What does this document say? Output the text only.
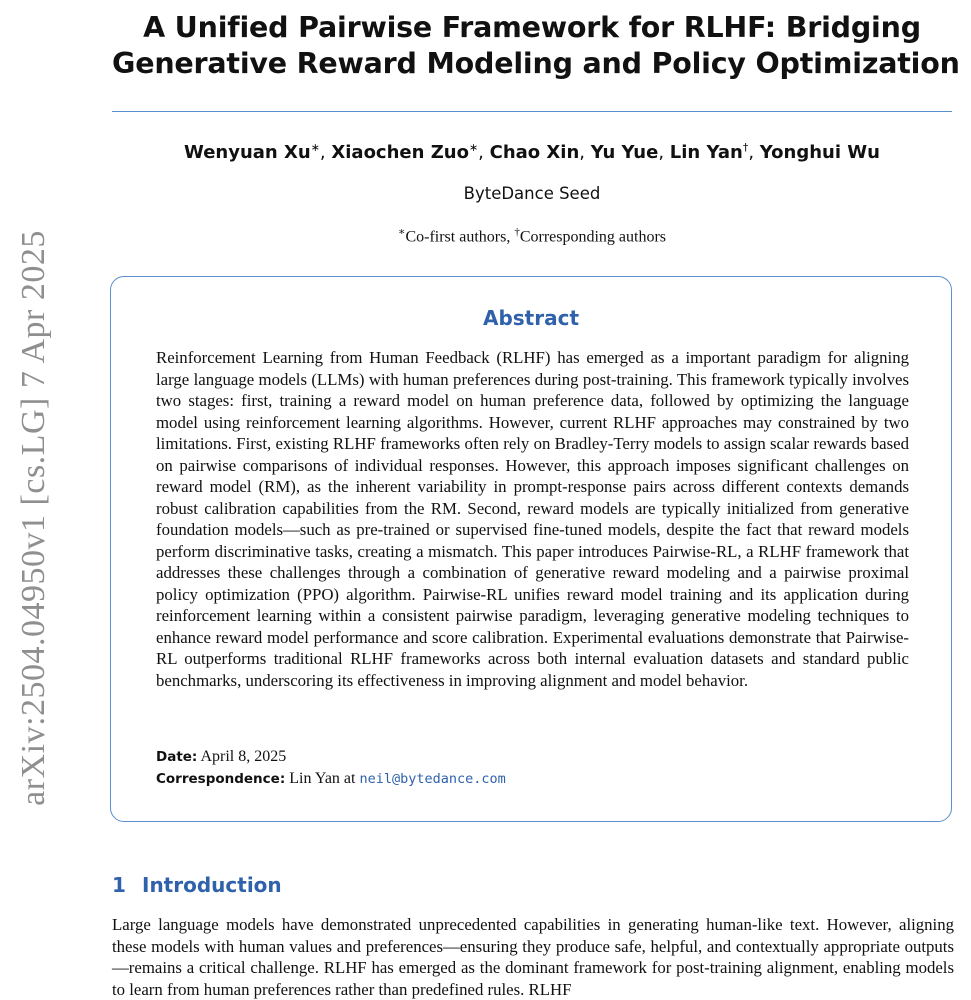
arXiv:2504.04950v1 [cs.LG] 7 Apr 2025
A Unified Pairwise Framework for RLHF: Bridging
Generative Reward Modeling and Policy Optimization
Wenyuan Xu∗, Xiaochen Zuo∗, Chao Xin, Yu Yue, Lin Yan†, Yonghui Wu
ByteDance Seed
∗Co-first authors, †Corresponding authors
Abstract

Reinforcement Learning from Human Feedback (RLHF) has emerged as a important paradigm for aligning large language models (LLMs) with human preferences during post-training. This framework typically involves two stages: first, training a reward model on human preference data, followed by optimizing the language model using reinforcement learning algorithms. However, current RLHF approaches may constrained by two limitations. First, existing RLHF frameworks often rely on Bradley-Terry models to assign scalar rewards based on pairwise comparisons of individual responses. However, this approach imposes significant challenges on reward model (RM), as the inherent variability in prompt-response pairs across different contexts demands robust calibration capabilities from the RM. Second, reward models are typically initialized from generative foundation models—such as pre-trained or supervised fine-tuned models, despite the fact that reward models perform discriminative tasks, creating a mismatch. This paper introduces Pairwise-RL, a RLHF framework that addresses these challenges through a combination of generative reward modeling and a pairwise proximal policy optimization (PPO) algorithm. Pairwise-RL unifies reward model training and its application during reinforcement learning within a consistent pairwise paradigm, leveraging generative modeling techniques to enhance reward model performance and score calibration. Experimental evaluations demonstrate that Pairwise-RL outperforms traditional RLHF frameworks across both internal evaluation datasets and standard public benchmarks, underscoring its effectiveness in improving alignment and model behavior.

Date: April 8, 2025
Correspondence: Lin Yan at neil@bytedance.com
1 Introduction

Large language models have demonstrated unprecedented capabilities in generating human-like text. However, aligning these models with human values and preferences—ensuring they produce safe, helpful, and contextually appropriate outputs—remains a critical challenge. RLHF has emerged as the dominant framework for post-training alignment, enabling models to learn from human preferences rather than predefined rules. RLHF
